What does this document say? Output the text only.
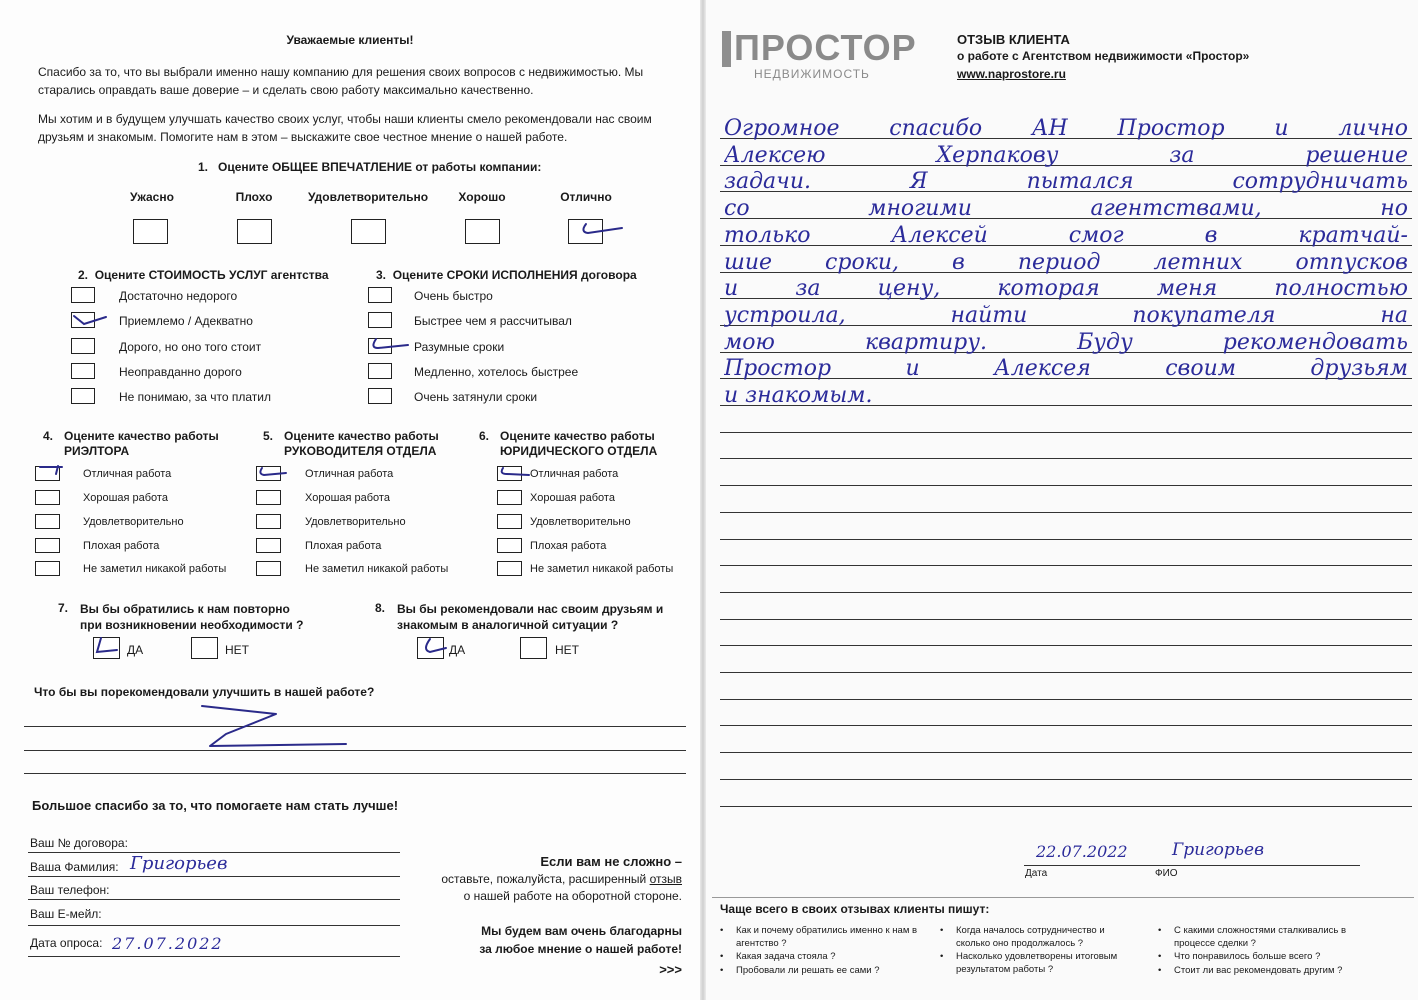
Уважаемые клиенты!
Спасибо за то, что вы выбрали именно нашу компанию для решения своих вопросов с недвижимостью. Мы старались оправдать ваше доверие – и сделать свою работу максимально качественно.
Мы хотим и в будущем улучшать качество своих услуг, чтобы наши клиенты смело рекомендовали нас своим друзьям и знакомым. Помогите нам в этом – выскажите свое честное мнение о нашей работе.
1. Оцените ОБЩЕЕ ВПЕЧАТЛЕНИЕ от работы компании:
Ужасно	Плохо	Удовлетворительно	Хорошо	Отлично
2. Оцените СТОИМОСТЬ УСЛУГ агентства
Достаточно недорого
Приемлемо / Адекватно
Дорого, но оно того стоит
Неоправданно дорого
Не понимаю, за что платил
3. Оцените СРОКИ ИСПОЛНЕНИЯ договора
Очень быстро
Быстрее чем я рассчитывал
Разумные сроки
Медленно, хотелось быстрее
Очень затянули сроки
4. Оцените качество работы
РИЭЛТОРА
5. Оцените качество работы
РУКОВОДИТЕЛЯ ОТДЕЛА
6. Оцените качество работы
ЮРИДИЧЕСКОГО ОТДЕЛА
Отличная работа
Хорошая работа
Удовлетворительно
Плохая работа
Не заметил никакой работы
Отличная работа
Хорошая работа
Удовлетворительно
Плохая работа
Не заметил никакой работы
Отличная работа
Хорошая работа
Удовлетворительно
Плохая работа
Не заметил никакой работы
7. Вы бы обратились к нам повторно
при возникновении необходимости ?
ДА	НЕТ
8. Вы бы рекомендовали нас своим друзьям и
знакомым в аналогичной ситуации ?
ДА	НЕТ
Что бы вы порекомендовали улучшить в нашей работе?
Большое спасибо за то, что помогаете нам стать лучше!
Ваш № договора:
Ваша Фамилия: Григорьев
Ваш телефон:
Ваш Е-мейл:
Дата опроса: 27.07.2022
Если вам не сложно –
оставьте, пожалуйста, расширенный отзыв
о нашей работе на оборотной стороне.
Мы будем вам очень благодарны
за любое мнение о нашей работе!
>>>
ПРОСТОР
НЕДВИЖИМОСТЬ
ОТЗЫВ КЛИЕНТА
о работе с Агентством недвижимости «Простор»
www.naprostore.ru
Огромное спасибо АН Простор и лично
Алексею Херпакову за решение
задачи. Я пытался сотрудничать
со многими агентствами, но
только Алексей смог в кратчай-
шие сроки, в период летних отпусков
и за цену, которая меня полностью
устроила, найти покупателя на
мою квартиру. Буду рекомендовать
Простор и Алексея своим друзьям
и знакомым.
22.07.2022	Григорьев
Дата	ФИО
Чаще всего в своих отзывах клиенты пишут:
•	Как и почему обратились именно к нам в агентство ?
•	Какая задача стояла ?
•	Пробовали ли решать ее сами ?
•	Когда началось сотрудничество и сколько оно продолжалось ?
•	Насколько удовлетворены итоговым результатом работы ?
•	С какими сложностями сталкивались в процессе сделки ?
•	Что понравилось больше всего ?
•	Стоит ли вас рекомендовать другим ?
